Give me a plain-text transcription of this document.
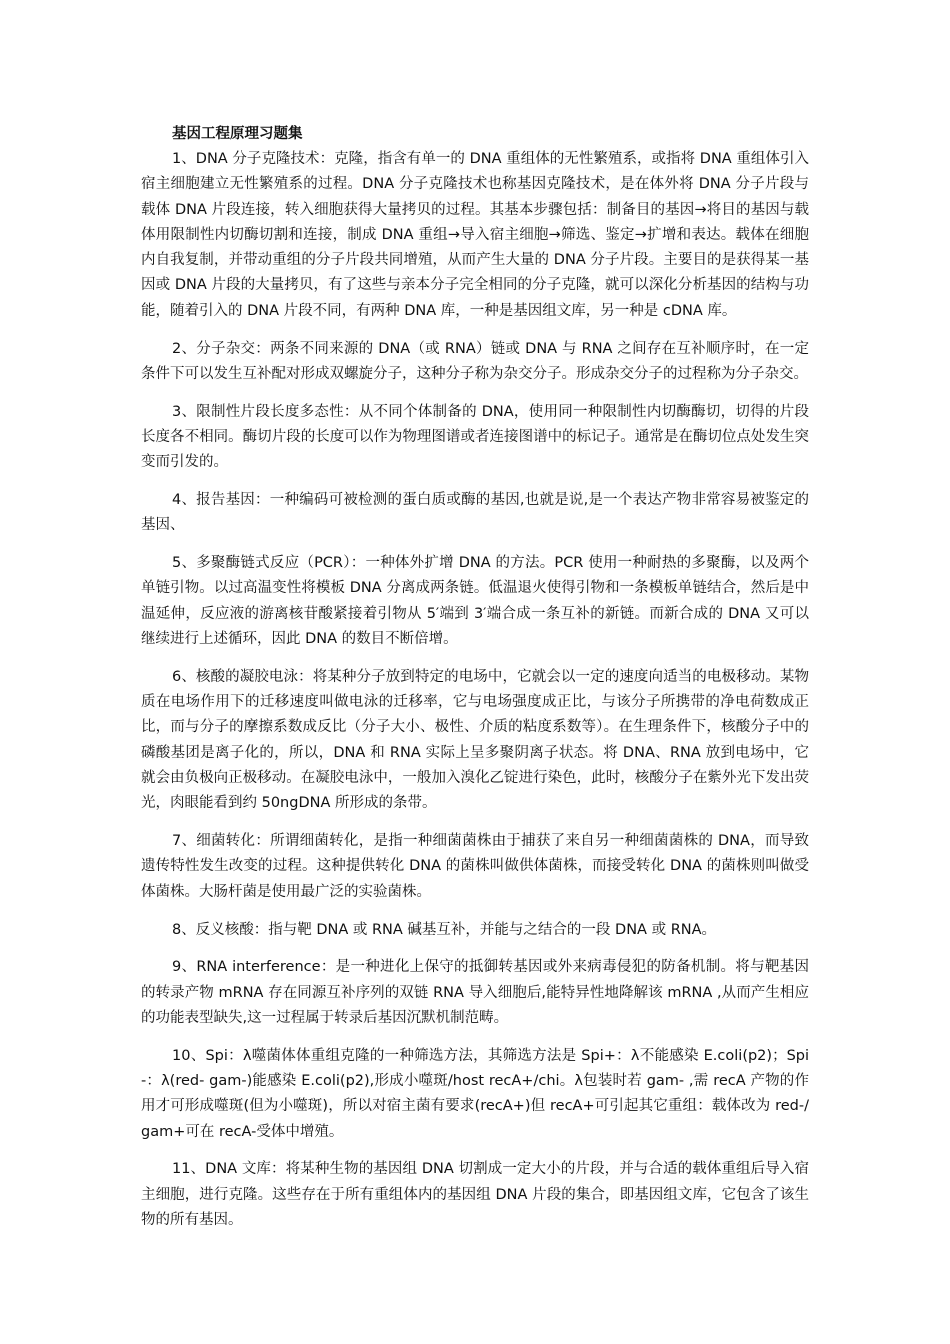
基因工程原理习题集

1、DNA 分子克隆技术：克隆，指含有单一的 DNA 重组体的无性繁殖系，或指将 DNA 重组体引入宿主细胞建立无性繁殖系的过程。DNA 分子克隆技术也称基因克隆技术，是在体外将 DNA 分子片段与载体 DNA 片段连接，转入细胞获得大量拷贝的过程。其基本步骤包括：制备目的基因→将目的基因与载体用限制性内切酶切割和连接，制成 DNA 重组→导入宿主细胞→筛选、鉴定→扩增和表达。载体在细胞内自我复制，并带动重组的分子片段共同增殖，从而产生大量的 DNA 分子片段。主要目的是获得某一基因或 DNA 片段的大量拷贝，有了这些与亲本分子完全相同的分子克隆，就可以深化分析基因的结构与功能，随着引入的 DNA 片段不同，有两种 DNA 库，一种是基因组文库，另一种是 cDNA 库。

2、分子杂交：两条不同来源的 DNA（或 RNA）链或 DNA 与 RNA 之间存在互补顺序时，在一定条件下可以发生互补配对形成双螺旋分子，这种分子称为杂交分子。形成杂交分子的过程称为分子杂交。

3、限制性片段长度多态性：从不同个体制备的 DNA，使用同一种限制性内切酶酶切，切得的片段长度各不相同。酶切片段的长度可以作为物理图谱或者连接图谱中的标记子。通常是在酶切位点处发生突变而引发的。

4、报告基因：一种编码可被检测的蛋白质或酶的基因,也就是说,是一个表达产物非常容易被鉴定的基因、

5、多聚酶链式反应（PCR）：一种体外扩增 DNA 的方法。PCR 使用一种耐热的多聚酶，以及两个单链引物。以过高温变性将模板 DNA 分离成两条链。低温退火使得引物和一条模板单链结合，然后是中温延伸，反应液的游离核苷酸紧接着引物从 5′端到 3′端合成一条互补的新链。而新合成的 DNA 又可以继续进行上述循环，因此 DNA 的数目不断倍增。

6、核酸的凝胶电泳：将某种分子放到特定的电场中，它就会以一定的速度向适当的电极移动。某物质在电场作用下的迁移速度叫做电泳的迁移率，它与电场强度成正比，与该分子所携带的净电荷数成正比，而与分子的摩擦系数成反比（分子大小、极性、介质的粘度系数等）。在生理条件下，核酸分子中的磷酸基团是离子化的，所以，DNA 和 RNA 实际上呈多聚阴离子状态。将 DNA、RNA 放到电场中，它就会由负极向正极移动。在凝胶电泳中，一般加入溴化乙锭进行染色，此时，核酸分子在紫外光下发出荧光，肉眼能看到约 50ngDNA 所形成的条带。

7、细菌转化：所谓细菌转化，是指一种细菌菌株由于捕获了来自另一种细菌菌株的 DNA，而导致遗传特性发生改变的过程。这种提供转化 DNA 的菌株叫做供体菌株，而接受转化 DNA 的菌株则叫做受体菌株。大肠杆菌是使用最广泛的实验菌株。

8、反义核酸：指与靶 DNA 或 RNA 碱基互补，并能与之结合的一段 DNA 或 RNA。

9、RNA interference：是一种进化上保守的抵御转基因或外来病毒侵犯的防备机制。将与靶基因的转录产物 mRNA 存在同源互补序列的双链 RNA 导入细胞后,能特异性地降解该 mRNA ,从而产生相应的功能表型缺失,这一过程属于转录后基因沉默机制范畴。

10、Spi：λ噬菌体体重组克隆的一种筛选方法，其筛选方法是 Spi+：λ不能感染 E.coli(p2)；Spi-：λ(red- gam-)能感染 E.coli(p2),形成小噬斑/host recA+/chi。λ包装时若 gam- ,需 recA 产物的作用才可形成噬斑(但为小噬斑)，所以对宿主菌有要求(recA+)但 recA+可引起其它重组：载体改为 red-/gam+可在 recA-受体中增殖。

11、DNA 文库：将某种生物的基因组 DNA 切割成一定大小的片段，并与合适的载体重组后导入宿主细胞，进行克隆。这些存在于所有重组体内的基因组 DNA 片段的集合，即基因组文库，它包含了该生物的所有基因。
